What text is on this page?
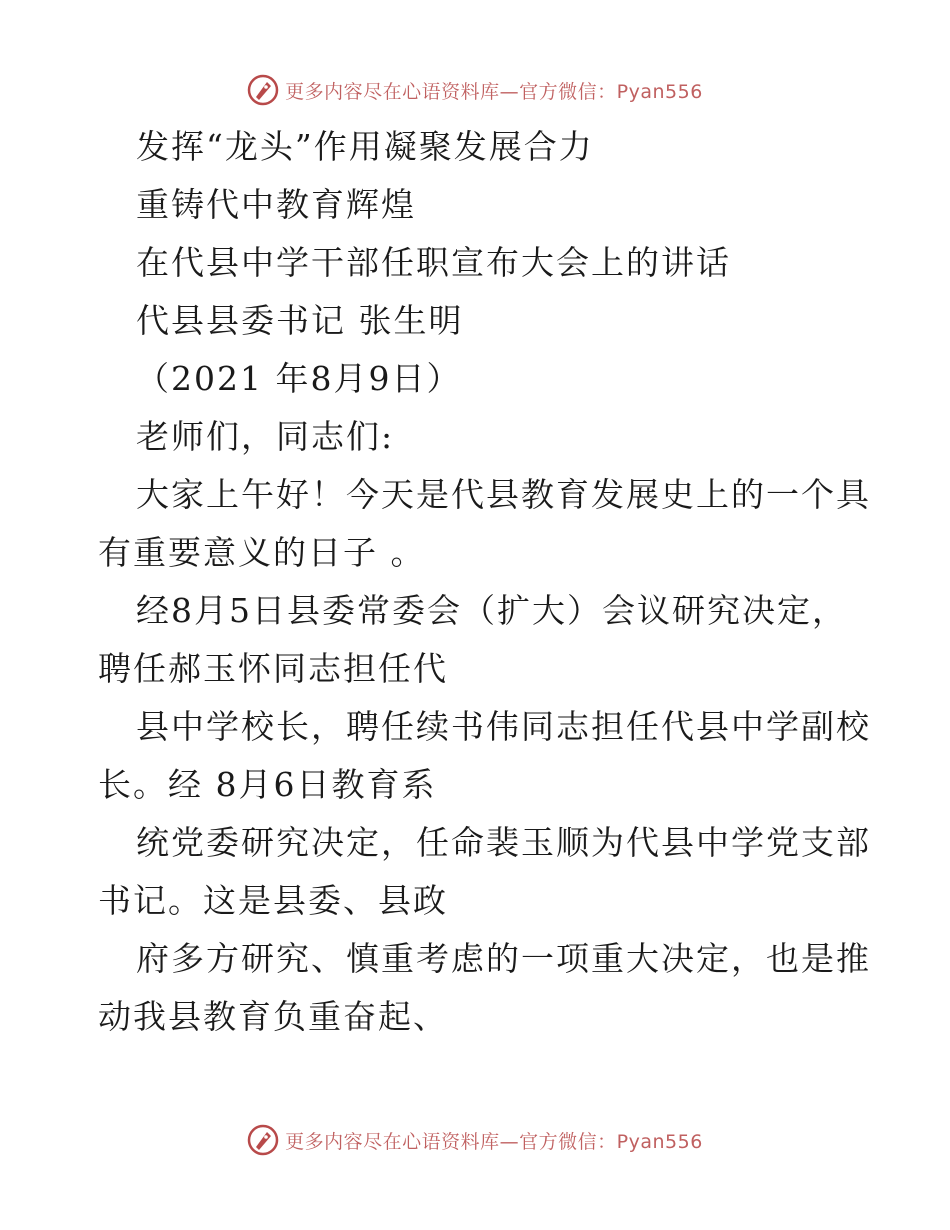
更多内容尽在心语资料库—官方微信：Pyan556
发挥“龙头”作用凝聚发展合力
重铸代中教育辉煌
在代县中学干部任职宣布大会上的讲话
代县县委书记 张生明
（2021 年8月9日）
老师们，同志们:
大家上午好！今天是代县教育发展史上的一个具
有重要意义的日子 。
经8月5日县委常委会（扩大）会议研究决定，
聘任郝玉怀同志担任代
县中学校长，聘任续书伟同志担任代县中学副校
长。经 8月6日教育系
统党委研究决定，任命裴玉顺为代县中学党支部
书记。这是县委、县政
府多方研究、慎重考虑的一项重大决定，也是推
动我县教育负重奋起、
更多内容尽在心语资料库—官方微信：Pyan556
